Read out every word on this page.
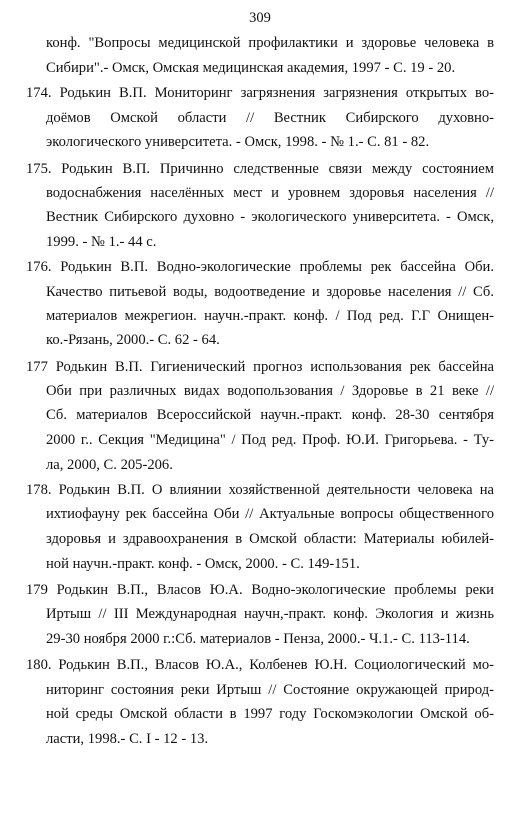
309
конф. "Вопросы медицинской профилактики и здоровье человека в
Сибири".- Омск, Омская медицинская академия, 1997 - С. 19 - 20.
174. Родькин В.П. Мониторинг загрязнения загрязнения открытых во-
доёмов Омской области // Вестник Сибирского духовно-
экологического университета. - Омск, 1998. - № 1.- С. 81 - 82.
175. Родькин В.П. Причинно следственные связи между состоянием
водоснабжения населённых мест и уровнем здоровья населения //
Вестник Сибирского духовно - экологического университета. - Омск,
1999. - № 1.- 44 с.
176. Родькин В.П. Водно-экологические проблемы рек бассейна Оби.
Качество питьевой воды, водоотведение и здоровье населения // Сб.
материалов межрегион. научн.-практ. конф. / Под ред. Г.Г Онищен-
ко.-Рязань, 2000.- С. 62 - 64.
177 Родькин В.П. Гигиенический прогноз использования рек бассейна
Оби при различных видах водопользования / Здоровье в 21 веке //
Сб. материалов Всероссийской научн.-практ. конф. 28-30 сентября
2000 г.. Секция "Медицина" / Под ред. Проф. Ю.И. Григорьева. - Ту-
ла, 2000, С. 205-206.
178. Родькин В.П. О влиянии хозяйственной деятельности человека на
ихтиофауну рек бассейна Оби // Актуальные вопросы общественного
здоровья и здравоохранения в Омской области: Материалы юбилей-
ной научн.-практ. конф. - Омск, 2000. - С. 149-151.
179 Родькин В.П., Власов Ю.А. Водно-экологические проблемы реки
Иртыш // III Международная научн,-практ. конф. Экология и жизнь
29-30 ноября 2000 г.:Сб. материалов - Пенза, 2000.- Ч.1.- С. 113-114.
180. Родькин В.П., Власов Ю.А., Колбенев Ю.Н. Социологический мо-
ниторинг состояния реки Иртыш // Состояние окружающей природ-
ной среды Омской области в 1997 году Госкомэкологии Омской об-
ласти, 1998.- С. I - 12 - 13.
